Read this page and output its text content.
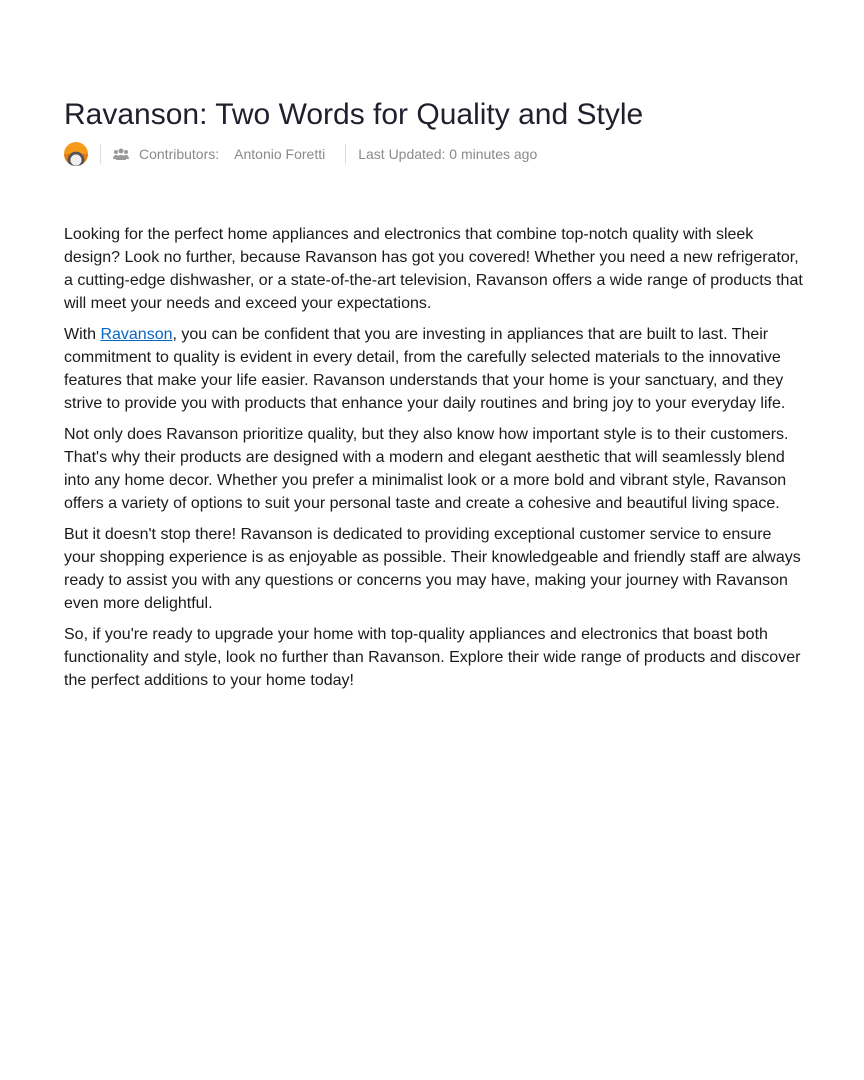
Ravanson: Two Words for Quality and Style
Contributors: Antonio Foretti Last Updated: 0 minutes ago

Looking for the perfect home appliances and electronics that combine top-notch quality with sleek design? Look no further, because Ravanson has got you covered! Whether you need a new refrigerator, a cutting-edge dishwasher, or a state-of-the-art television, Ravanson offers a wide range of products that will meet your needs and exceed your expectations.

With Ravanson, you can be confident that you are investing in appliances that are built to last. Their commitment to quality is evident in every detail, from the carefully selected materials to the innovative features that make your life easier. Ravanson understands that your home is your sanctuary, and they strive to provide you with products that enhance your daily routines and bring joy to your everyday life.

Not only does Ravanson prioritize quality, but they also know how important style is to their customers. That's why their products are designed with a modern and elegant aesthetic that will seamlessly blend into any home decor. Whether you prefer a minimalist look or a more bold and vibrant style, Ravanson offers a variety of options to suit your personal taste and create a cohesive and beautiful living space.

But it doesn't stop there! Ravanson is dedicated to providing exceptional customer service to ensure your shopping experience is as enjoyable as possible. Their knowledgeable and friendly staff are always ready to assist you with any questions or concerns you may have, making your journey with Ravanson even more delightful.

So, if you're ready to upgrade your home with top-quality appliances and electronics that boast both functionality and style, look no further than Ravanson. Explore their wide range of products and discover the perfect additions to your home today!
